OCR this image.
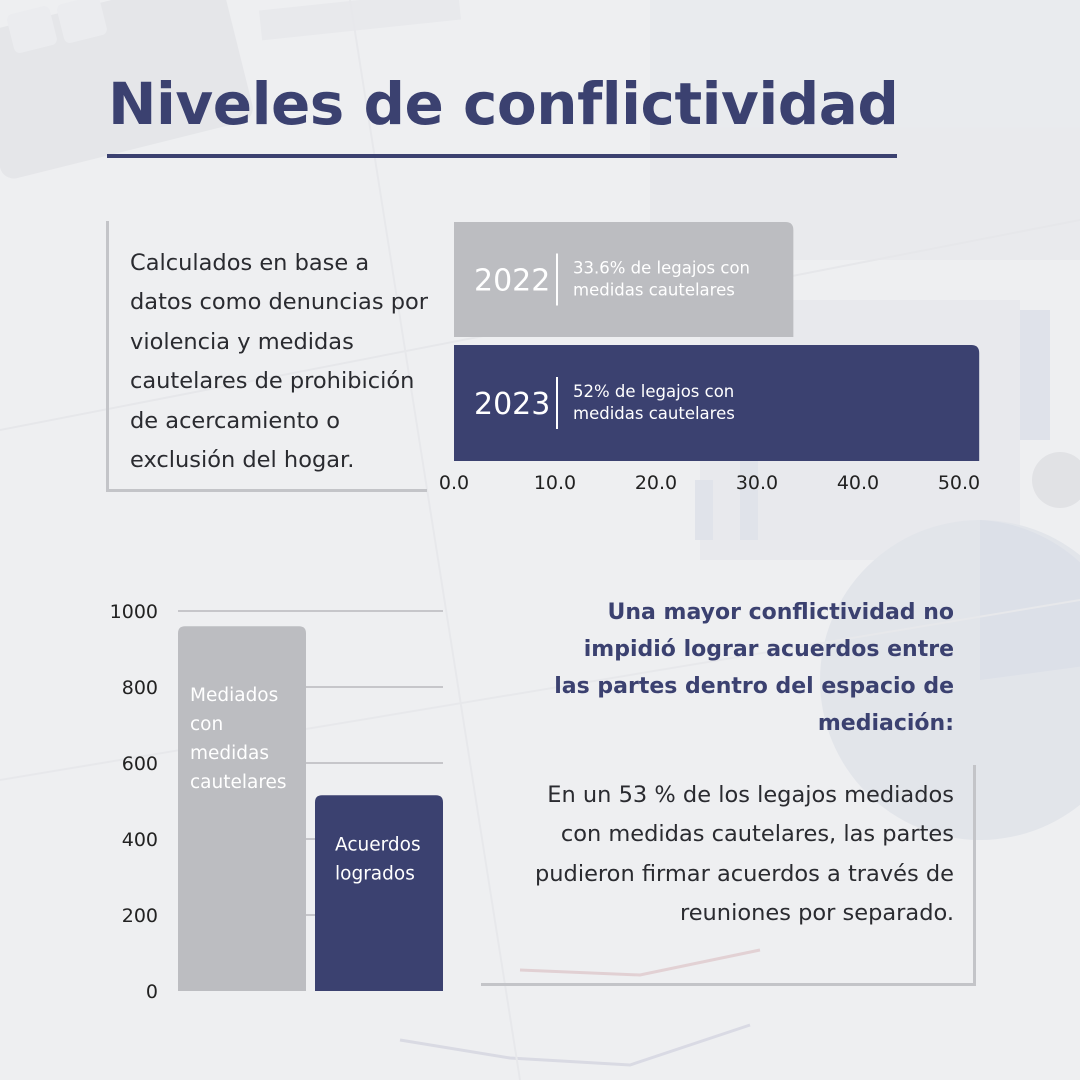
Niveles de conflictividad
Calculados en base a datos como denuncias por violencia y medidas cautelares de prohibición de acercamiento o exclusión del hogar.
2022 33.6% de legajos con
medidas cautelares
2023 52% de legajos con
medidas cautelares
0.0	10.0	20.0	30.0	40.0	50.0
Mediados
con
medidas
cautelares
Acuerdos
logrados
1000
800
600
400
200
0
Una mayor conflictividad no impidió lograr acuerdos entre las partes dentro del espacio de mediación:
En un 53 % de los legajos mediados con medidas cautelares, las partes pudieron firmar acuerdos a través de reuniones por separado.
